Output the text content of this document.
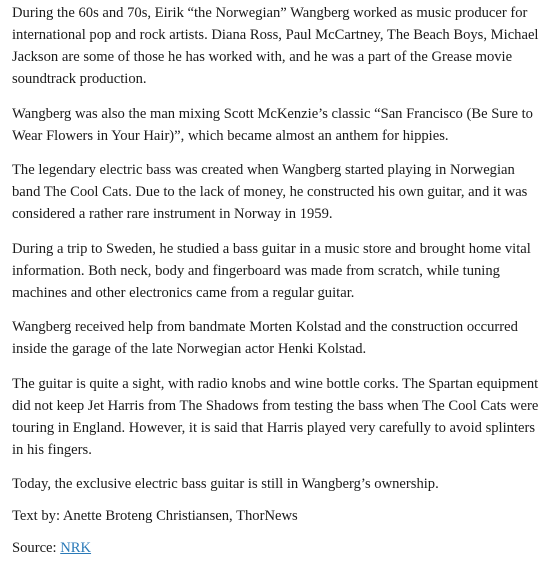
During the 60s and 70s, Eirik “the Norwegian” Wangberg worked as music producer for international pop and rock artists. Diana Ross, Paul McCartney, The Beach Boys, Michael Jackson are some of those he has worked with, and he was a part of the Grease movie soundtrack production.

Wangberg was also the man mixing Scott McKenzie’s classic “San Francisco (Be Sure to Wear Flowers in Your Hair)”, which became almost an anthem for hippies.

The legendary electric bass was created when Wangberg started playing in Norwegian band The Cool Cats. Due to the lack of money, he constructed his own guitar, and it was considered a rather rare instrument in Norway in 1959.

During a trip to Sweden, he studied a bass guitar in a music store and brought home vital information. Both neck, body and fingerboard was made from scratch, while tuning machines and other electronics came from a regular guitar.

Wangberg received help from bandmate Morten Kolstad and the construction occurred inside the garage of the late Norwegian actor Henki Kolstad.

The guitar is quite a sight, with radio knobs and wine bottle corks. The Spartan equipment did not keep Jet Harris from The Shadows from testing the bass when The Cool Cats were touring in England. However, it is said that Harris played very carefully to avoid splinters in his fingers.

Today, the exclusive electric bass guitar is still in Wangberg’s ownership.

Text by: Anette Broteng Christiansen, ThorNews

Source: NRK
